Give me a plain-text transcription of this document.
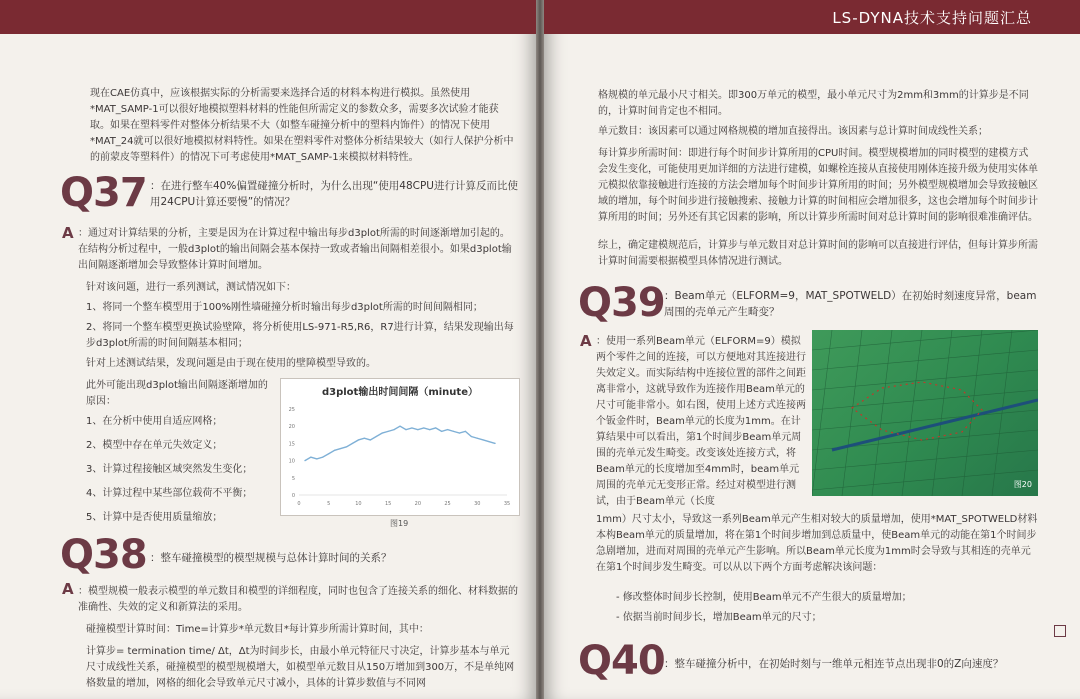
现在CAE仿真中，应该根据实际的分析需要来选择合适的材料本构进行模拟。虽然使用*MAT_SAMP-1可以很好地模拟塑料材料的性能但所需定义的参数众多，需要多次试验才能获取。如果在塑料零件对整体分析结果不大（如整车碰撞分析中的塑料内饰件）的情况下使用*MAT_24就可以很好地模拟材料特性。如果在塑料零件对整体分析结果较大（如行人保护分析中的前蒙皮等塑料件）的情况下可考虑使用*MAT_SAMP-1来模拟材料特性。

Q37 ：在进行整车40%偏置碰撞分析时，为什么出现“使用48CPU进行计算反而比使用24CPU计算还要慢”的情况？
A ：通过对计算结果的分析，主要是因为在计算过程中输出每步d3plot所需的时间逐渐增加引起的。在结构分析过程中，一般d3plot的输出间隔会基本保持一致或者输出间隔相差很小。如果d3plot输出间隔逐渐增加会导致整体计算时间增加。

针对该问题，进行一系列测试，测试情况如下：

1、将同一个整车模型用于100%刚性墙碰撞分析时输出每步d3plot所需的时间间隔相同；

2、将同一个整车模型更换试验壁障，将分析使用LS-971-R5,R6，R7进行计算，结果发现输出每步d3plot所需的时间间隔基本相同；

针对上述测试结果，发现问题是由于现在使用的壁障模型导致的。

此外可能出现d3plot输出间隔逐渐增加的原因：

1、在分析中使用自适应网格；

2、模型中存在单元失效定义；

3、计算过程接触区域突然发生变化；

4、计算过程中某些部位载荷不平衡；

5、计算中是否使用质量缩放；

d3plot输出时间间隔（minute）
0
5
10
15
20
25
0	5	10	15	20	25	30	35
图19
Q38 ：整车碰撞模型的模型规模与总体计算时间的关系？
A ：模型规模一般表示模型的单元数目和模型的详细程度，同时也包含了连接关系的细化、材料数据的准确性、失效的定义和新算法的采用。

碰撞模型计算时间：Time=计算步*单元数目*每计算步所需计算时间，其中：

计算步= termination time/ Δt，Δt为时间步长，由最小单元特征尺寸决定，计算步基本与单元尺寸成线性关系，碰撞模型的模型规模增大，如模型单元数目从150万增加到300万，不是单纯网格数量的增加，网格的细化会导致单元尺寸减小，具体的计算步数值与不同网

LS-DYNA技术支持问题汇总

格规模的单元最小尺寸相关。即300万单元的模型，最小单元尺寸为2mm和3mm的计算步是不同的，计算时间肯定也不相同。

单元数目：该因素可以通过网格规模的增加直接得出。该因素与总计算时间成线性关系；

每计算步所需时间：即进行每个时间步计算所用的CPU时间。模型规模增加的同时模型的建模方式会发生变化，可能使用更加详细的方法进行建模，如螺栓连接从直接使用刚体连接升级为使用实体单元模拟依靠接触进行连接的方法会增加每个时间步计算所用的时间；另外模型规模增加会导致接触区域的增加，每个时间步进行接触搜索、接触力计算的时间相应会增加很多，这也会增加每个时间步计算所用的时间；另外还有其它因素的影响，所以计算步所需时间对总计算时间的影响很难准确评估。

综上，确定建模规范后，计算步与单元数目对总计算时间的影响可以直接进行评估，但每计算步所需计算时间需要根据模型具体情况进行测试。

Q39 ：Beam单元（ELFORM=9，MAT_SPOTWELD）在初始时刻速度异常，beam周围的壳单元产生畸变？
A ：使用一系列Beam单元（ELFORM=9）模拟两个零件之间的连接，可以方便地对其连接进行失效定义。而实际结构中连接位置的部件之间距离非常小，这就导致作为连接作用Beam单元的尺寸可能非常小。如右图，使用上述方式连接两个钣金件时，Beam单元的长度为1mm。在计算结果中可以看出，第1个时间步Beam单元周围的壳单元发生畸变。改变该处连接方式，将Beam单元的长度增加至4mm时，beam单元周围的壳单元无变形正常。经过对模型进行测试，由于Beam单元（长度

图20

1mm）尺寸太小，导致这一系列Beam单元产生相对较大的质量增加，使用*MAT_SPOTWELD材料本构Beam单元的质量增加，将在第1个时间步增加到总质量中，使Beam单元的动能在第1个时间步急剧增加，进而对周围的壳单元产生影响。所以Beam单元长度为1mm时会导致与其相连的壳单元在第1个时间步发生畸变。可以从以下两个方面考虑解决该问题：

- 修改整体时间步长控制，使用Beam单元不产生很大的质量增加；

- 依据当前时间步长，增加Beam单元的尺寸；

Q40 ：整车碰撞分析中，在初始时刻与一维单元相连节点出现非0的Z向速度？
